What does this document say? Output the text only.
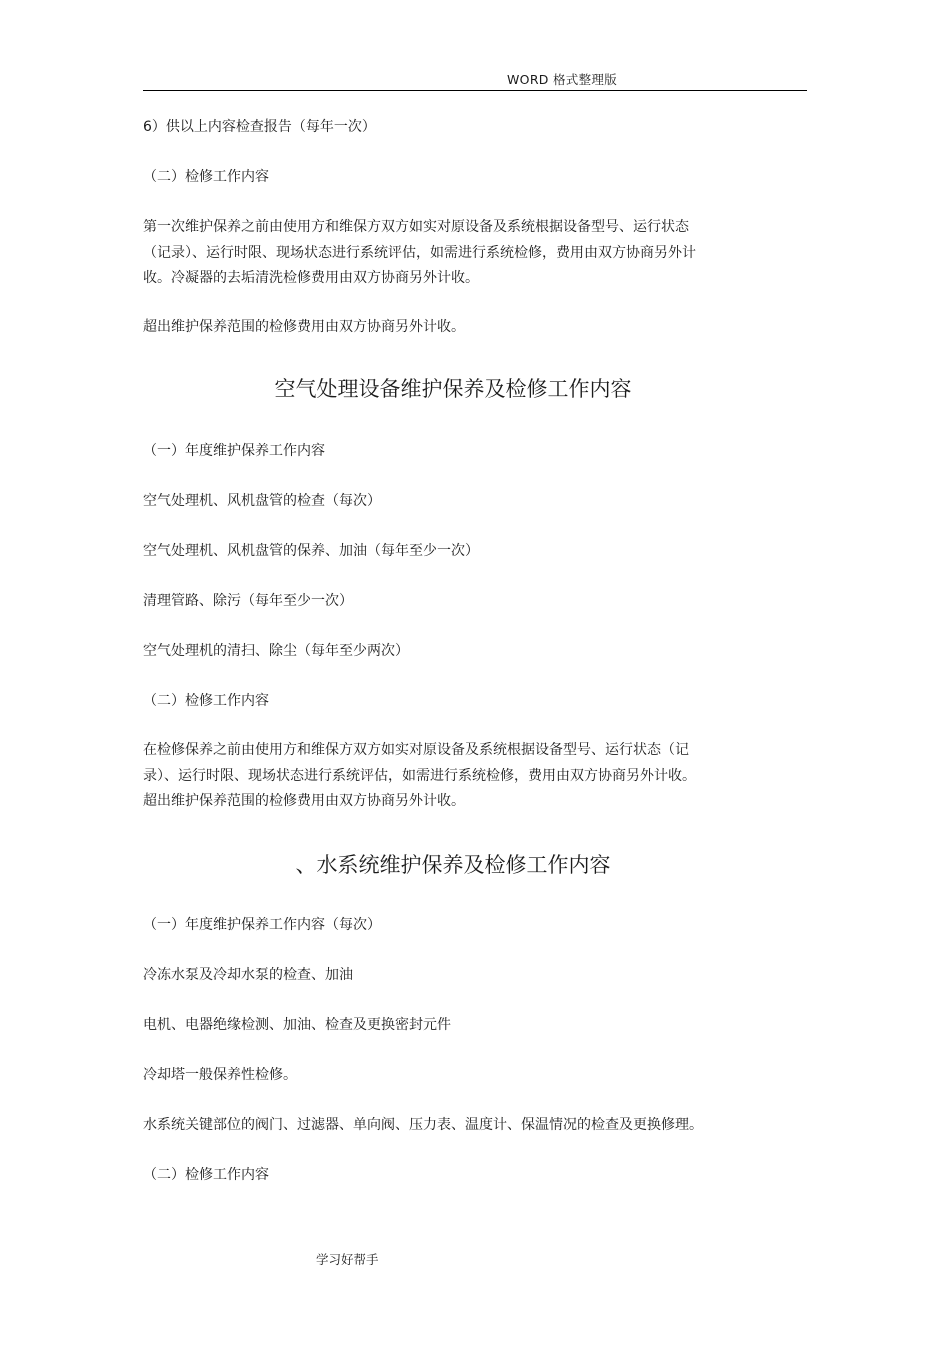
WORD 格式整理版
6）供以上内容检查报告（每年一次）
（二）检修工作内容
第一次维护保养之前由使用方和维保方双方如实对原设备及系统根据设备型号、运行状态
（记录）、运行时限、现场状态进行系统评估，如需进行系统检修，费用由双方协商另外计
收。冷凝器的去垢清洗检修费用由双方协商另外计收。
超出维护保养范围的检修费用由双方协商另外计收。
空气处理设备维护保养及检修工作内容
（一）年度维护保养工作内容
空气处理机、风机盘管的检查（每次）
空气处理机、风机盘管的保养、加油（每年至少一次）
清理管路、除污（每年至少一次）
空气处理机的清扫、除尘（每年至少两次）
（二）检修工作内容
在检修保养之前由使用方和维保方双方如实对原设备及系统根据设备型号、运行状态（记
录）、运行时限、现场状态进行系统评估，如需进行系统检修，费用由双方协商另外计收。
超出维护保养范围的检修费用由双方协商另外计收。
、水系统维护保养及检修工作内容
（一）年度维护保养工作内容（每次）
冷冻水泵及冷却水泵的检查、加油
电机、电器绝缘检测、加油、检查及更换密封元件
冷却塔一般保养性检修。
水系统关键部位的阀门、过滤器、单向阀、压力表、温度计、保温情况的检查及更换修理。
（二）检修工作内容
学习好帮手
